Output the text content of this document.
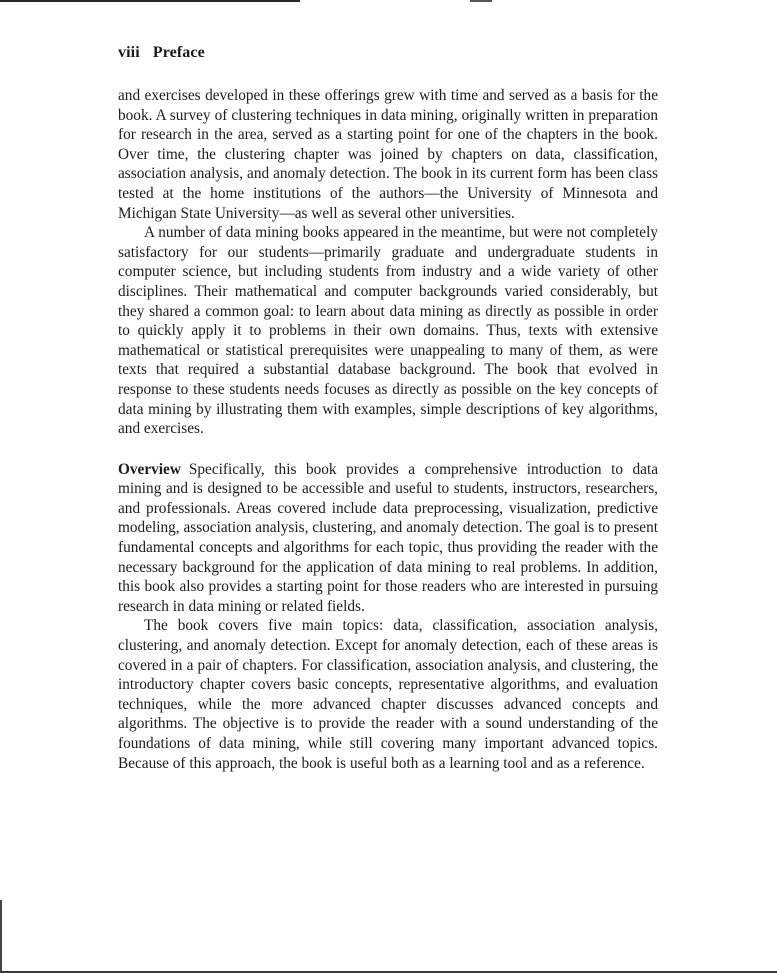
viii Preface

and exercises developed in these offerings grew with time and served as a basis for the book. A survey of clustering techniques in data mining, originally written in preparation for research in the area, served as a starting point for one of the chapters in the book. Over time, the clustering chapter was joined by chapters on data, classification, association analysis, and anomaly detection. The book in its current form has been class tested at the home institutions of the authors—the University of Minnesota and Michigan State University—as well as several other universities.

A number of data mining books appeared in the meantime, but were not completely satisfactory for our students—primarily graduate and undergraduate students in computer science, but including students from industry and a wide variety of other disciplines. Their mathematical and computer backgrounds varied considerably, but they shared a common goal: to learn about data mining as directly as possible in order to quickly apply it to problems in their own domains. Thus, texts with extensive mathematical or statistical prerequisites were unappealing to many of them, as were texts that required a substantial database background. The book that evolved in response to these students needs focuses as directly as possible on the key concepts of data mining by illustrating them with examples, simple descriptions of key algorithms, and exercises.

Overview Specifically, this book provides a comprehensive introduction to data mining and is designed to be accessible and useful to students, instructors, researchers, and professionals. Areas covered include data preprocessing, visualization, predictive modeling, association analysis, clustering, and anomaly detection. The goal is to present fundamental concepts and algorithms for each topic, thus providing the reader with the necessary background for the application of data mining to real problems. In addition, this book also provides a starting point for those readers who are interested in pursuing research in data mining or related fields.

The book covers five main topics: data, classification, association analysis, clustering, and anomaly detection. Except for anomaly detection, each of these areas is covered in a pair of chapters. For classification, association analysis, and clustering, the introductory chapter covers basic concepts, representative algorithms, and evaluation techniques, while the more advanced chapter discusses advanced concepts and algorithms. The objective is to provide the reader with a sound understanding of the foundations of data mining, while still covering many important advanced topics. Because of this approach, the book is useful both as a learning tool and as a reference.
